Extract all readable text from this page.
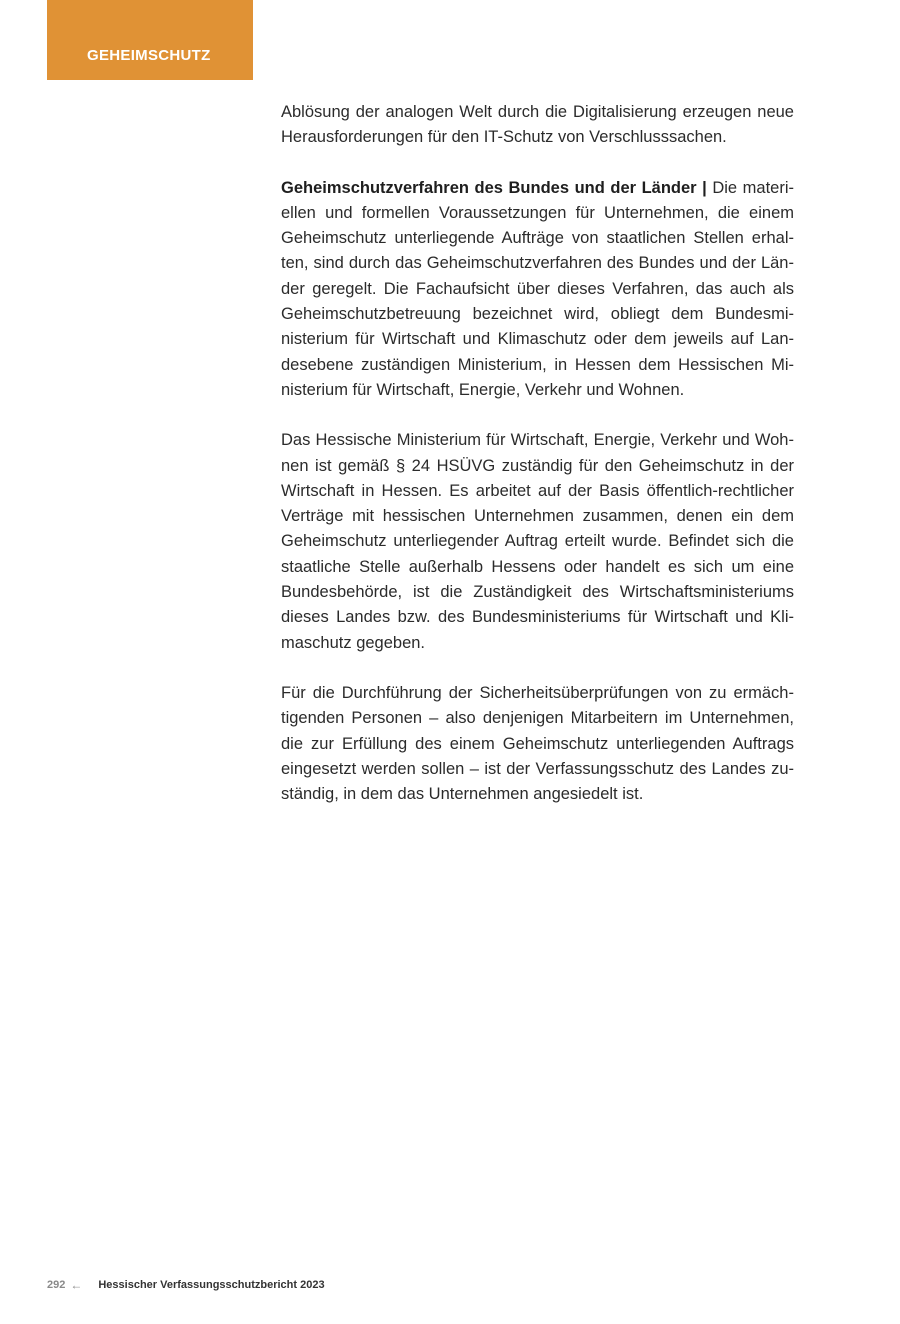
GEHEIMSCHUTZ

Ablösung der analogen Welt durch die Digitalisierung erzeugen neue Herausforderungen für den IT-Schutz von Verschlusssachen.

Geheimschutzverfahren des Bundes und der Länder | Die materiellen und formellen Voraussetzungen für Unternehmen, die einem Geheimschutz unterliegende Aufträge von staatlichen Stellen erhalten, sind durch das Geheimschutzverfahren des Bundes und der Länder geregelt. Die Fachaufsicht über dieses Verfahren, das auch als Geheimschutzbetreuung bezeichnet wird, obliegt dem Bundesministerium für Wirtschaft und Klimaschutz oder dem jeweils auf Landesebene zuständigen Ministerium, in Hessen dem Hessischen Ministerium für Wirtschaft, Energie, Verkehr und Wohnen.

Das Hessische Ministerium für Wirtschaft, Energie, Verkehr und Wohnen ist gemäß § 24 HSÜVG zuständig für den Geheimschutz in der Wirtschaft in Hessen. Es arbeitet auf der Basis öffentlich-rechtlicher Verträge mit hessischen Unternehmen zusammen, denen ein dem Geheimschutz unterliegender Auftrag erteilt wurde. Befindet sich die staatliche Stelle außerhalb Hessens oder handelt es sich um eine Bundesbehörde, ist die Zuständigkeit des Wirtschaftsministeriums dieses Landes bzw. des Bundesministeriums für Wirtschaft und Klimaschutz gegeben.

Für die Durchführung der Sicherheitsüberprüfungen von zu ermächtigenden Personen – also denjenigen Mitarbeitern im Unternehmen, die zur Erfüllung des einem Geheimschutz unterliegenden Auftrags eingesetzt werden sollen – ist der Verfassungsschutz des Landes zuständig, in dem das Unternehmen angesiedelt ist.

292 ← Hessischer Verfassungsschutzbericht 2023
